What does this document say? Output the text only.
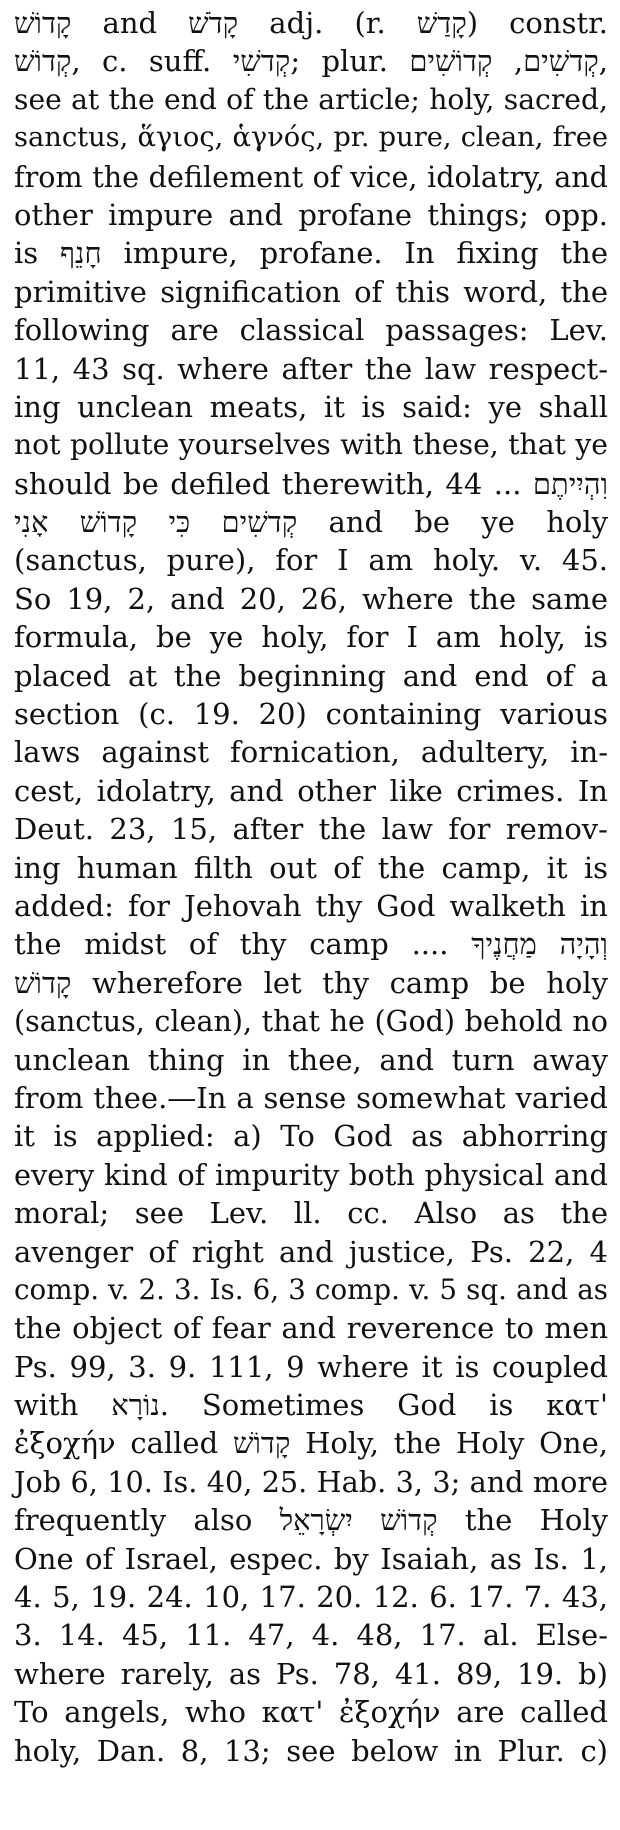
קָדוֹשׁ and קָדֹשׁ adj. (r. קָדַשׁ) constr.
קְדוֹשׁ, c. suff. קְדשִׁי; plur. קְדשִׁים, קְדוֹשִׁים,
see at the end of the article; holy, sacred,
sanctus, ἅγιος, ἁγνός, pr. pure, clean, free
from the defilement of vice, idolatry, and
other impure and profane things; opp.
is חָנֵף impure, profane. In fixing the
primitive signification of this word, the
following are classical passages: Lev.
11, 43 sq. where after the law respect-
ing unclean meats, it is said: ye shall
not pollute yourselves with these, that ye
should be defiled therewith, 44 ... וִהְיִיתֶם
קְדשִׁים כִּי קָדוֹשׁ אָנִי and be ye holy
(sanctus, pure), for I am holy. v. 45.
So 19, 2, and 20, 26, where the same
formula, be ye holy, for I am holy, is
placed at the beginning and end of a
section (c. 19. 20) containing various
laws against fornication, adultery, in-
cest, idolatry, and other like crimes. In
Deut. 23, 15, after the law for remov-
ing human filth out of the camp, it is
added: for Jehovah thy God walketh in
the midst of thy camp .... וְהָיָה מַחֲנֶיךָ
קָדוֹשׁ wherefore let thy camp be holy
(sanctus, clean), that he (God) behold no
unclean thing in thee, and turn away
from thee.—In a sense somewhat varied
it is applied: a) To God as abhorring
every kind of impurity both physical and
moral; see Lev. ll. cc. Also as the
avenger of right and justice, Ps. 22, 4
comp. v. 2. 3. Is. 6, 3 comp. v. 5 sq. and as
the object of fear and reverence to men
Ps. 99, 3. 9. 111, 9 where it is coupled
with נוֹרָא. Sometimes God is κατ'
ἐξοχήν called קָדוֹשׁ Holy, the Holy One,
Job 6, 10. Is. 40, 25. Hab. 3, 3; and more
frequently also קְדוֹשׁ יִשְׂרָאֵל the Holy
One of Israel, espec. by Isaiah, as Is. 1,
4. 5, 19. 24. 10, 17. 20. 12. 6. 17. 7. 43,
3. 14. 45, 11. 47, 4. 48, 17. al. Else-
where rarely, as Ps. 78, 41. 89, 19. b)
To angels, who κατ' ἐξοχήν are called
holy, Dan. 8, 13; see below in Plur. c)
